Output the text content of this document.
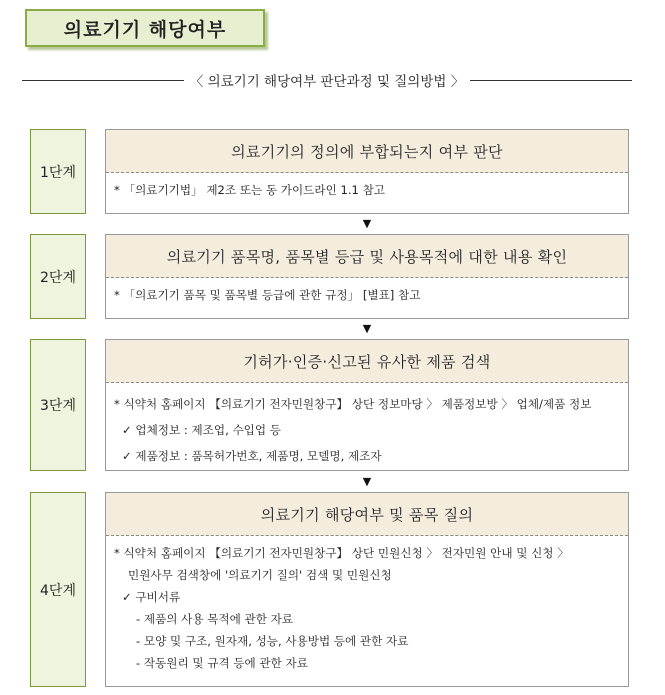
의료기기 해당여부
〈 의료기기 해당여부 판단과정 및 질의방법 〉
1단계
의료기기의 정의에 부합되는지 여부 판단
* 「의료기기법」 제2조 또는 동 가이드라인 1.1 참고
▼
2단계
의료기기 품목명, 품목별 등급 및 사용목적에 대한 내용 확인
* 「의료기기 품목 및 품목별 등급에 관한 규정」 [별표] 참고
▼
3단계
기허가·인증·신고된 유사한 제품 검색
* 식약처 홈페이지 【의료기기 전자민원창구】 상단 정보마당 〉 제품정보방 〉 업체/제품 정보
✓ 업체정보 : 제조업, 수입업 등
✓ 제품정보 : 품목허가번호, 제품명, 모델명, 제조자
▼
4단계
의료기기 해당여부 및 품목 질의
* 식약처 홈페이지 【의료기기 전자민원창구】 상단 민원신청 〉 전자민원 안내 및 신청 〉
민원사무 검색창에 '의료기기 질의' 검색 및 민원신청
✓ 구비서류
- 제품의 사용 목적에 관한 자료
- 모양 및 구조, 원자재, 성능, 사용방법 등에 관한 자료
- 작동원리 및 규격 등에 관한 자료
